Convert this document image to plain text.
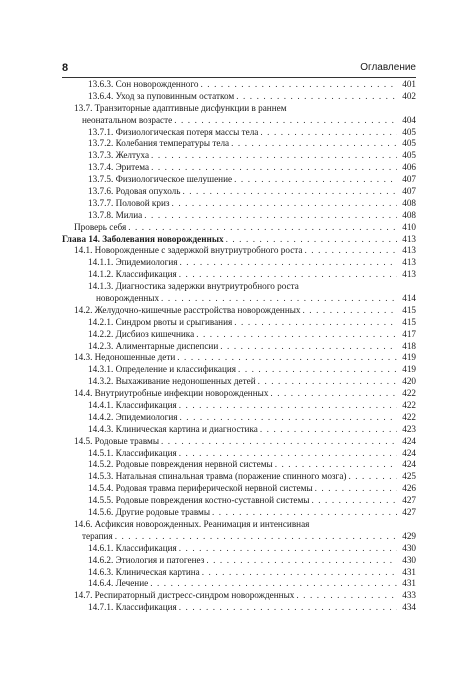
8	Оглавление
13.6.3. Сон новорожденного . . .	401
13.6.4. Уход за пуповинным остатком . . .	402
13.7. Транзиторные адаптивные дисфункции в раннем
неонатальном возрасте . . .	404
13.7.1. Физиологическая потеря массы тела . . .	405
13.7.2. Колебания температуры тела . . .	405
13.7.3. Желтуха . . .	405
13.7.4. Эритема . . .	406
13.7.5. Физиологическое шелушение . . .	407
13.7.6. Родовая опухоль . . .	407
13.7.7. Половой криз . . .	408
13.7.8. Милиа . . .	408
Проверь себя . . .	410
Глава 14. Заболевания новорожденных . . .	413
14.1. Новорожденные с задержкой внутриутробного роста . . .	413
14.1.1. Эпидемиология . . .	413
14.1.2. Классификация . . .	413
14.1.3. Диагностика задержки внутриутробного роста
новорожденных . . .	414
14.2. Желудочно-кишечные расстройства новорожденных . . .	415
14.2.1. Синдром рвоты и срыгивания . . .	415
14.2.2. Дисбиоз кишечника . . .	417
14.2.3. Алиментарные диспепсии . . .	418
14.3. Недоношенные дети . . .	419
14.3.1. Определение и классификация . . .	419
14.3.2. Выхаживание недоношенных детей . . .	420
14.4. Внутриутробные инфекции новорожденных . . .	422
14.4.1. Классификация . . .	422
14.4.2. Эпидемиология . . .	422
14.4.3. Клиническая картина и диагностика . . .	423
14.5. Родовые травмы . . .	424
14.5.1. Классификация . . .	424
14.5.2. Родовые повреждения нервной системы . . .	424
14.5.3. Натальная спинальная травма (поражение спинного мозга) . . .	425
14.5.4. Родовая травма периферической нервной системы . . .	426
14.5.5. Родовые повреждения костно-суставной системы . . .	427
14.5.6. Другие родовые травмы . . .	427
14.6. Асфиксия новорожденных. Реанимация и интенсивная
терапия . . .	429
14.6.1. Классификация . . .	430
14.6.2. Этиология и патогенез . . .	430
14.6.3. Клиническая картина . . .	431
14.6.4. Лечение . . .	431
14.7. Респираторный дистресс-синдром новорожденных . . .	433
14.7.1. Классификация . . .	434
